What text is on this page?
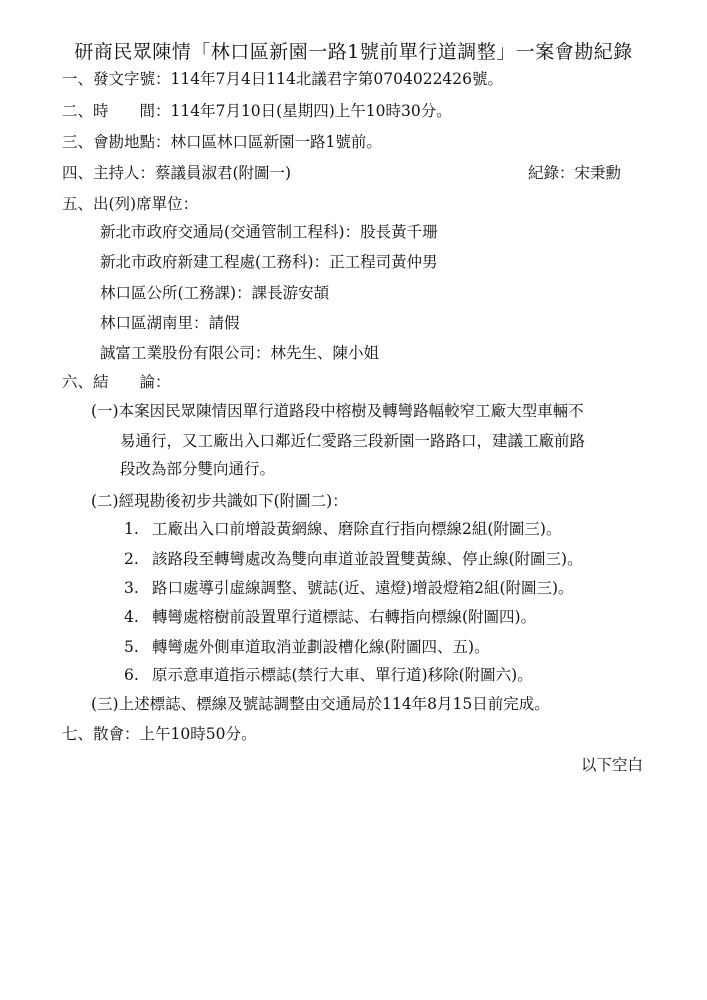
研商民眾陳情「林口區新園一路1號前單行道調整」一案會勘紀錄
一、發文字號：114年7月4日114北議君字第0704022426號。
二、時　　間：114年7月10日(星期四)上午10時30分。
三、會勘地點：林口區林口區新園一路1號前。
四、主持人：蔡議員淑君(附圖一)	紀錄：宋秉勳
五、出(列)席單位：
新北市政府交通局(交通管制工程科)：股長黃千珊
新北市政府新建工程處(工務科)：正工程司黃仲男
林口區公所(工務課)：課長游安頡
林口區湖南里：請假
誠富工業股份有限公司：林先生、陳小姐
六、結　　論：
(一)本案因民眾陳情因單行道路段中榕樹及轉彎路幅較窄工廠大型車輛不
易通行，又工廠出入口鄰近仁愛路三段新園一路路口，建議工廠前路
段改為部分雙向通行。
(二)經現勘後初步共識如下(附圖二)：
1. 工廠出入口前增設黃網線、磨除直行指向標線2組(附圖三)。
2. 該路段至轉彎處改為雙向車道並設置雙黃線、停止線(附圖三)。
3. 路口處導引虛線調整、號誌(近、遠燈)增設燈箱2組(附圖三)。
4. 轉彎處榕樹前設置單行道標誌、右轉指向標線(附圖四)。
5. 轉彎處外側車道取消並劃設槽化線(附圖四、五)。
6. 原示意車道指示標誌(禁行大車、單行道)移除(附圖六)。
(三)上述標誌、標線及號誌調整由交通局於114年8月15日前完成。
七、散會：上午10時50分。
以下空白
